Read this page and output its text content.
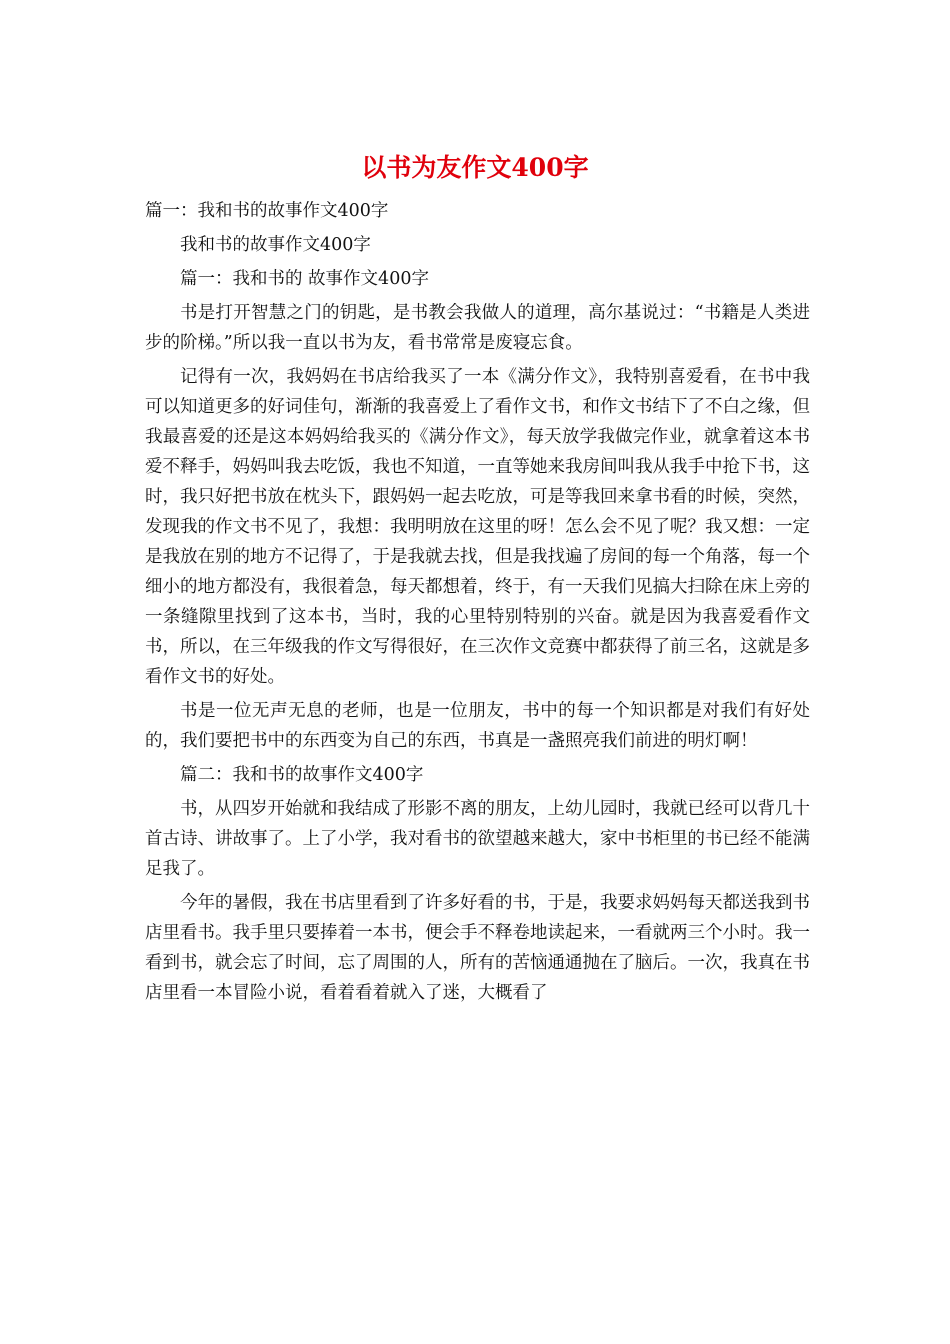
以书为友作文400字

篇一：我和书的故事作文400字

我和书的故事作文400字

篇一：我和书的 故事作文400字

书是打开智慧之门的钥匙，是书教会我做人的道理，高尔基说过：“书籍是人类进步的阶梯。”所以我一直以书为友，看书常常是废寝忘食。

记得有一次，我妈妈在书店给我买了一本《满分作文》，我特别喜爱看，在书中我可以知道更多的好词佳句，渐渐的我喜爱上了看作文书，和作文书结下了不白之缘，但我最喜爱的还是这本妈妈给我买的《满分作文》，每天放学我做完作业，就拿着这本书爱不释手，妈妈叫我去吃饭，我也不知道，一直等她来我房间叫我从我手中抢下书，这时，我只好把书放在枕头下，跟妈妈一起去吃放，可是等我回来拿书看的时候，突然，发现我的作文书不见了，我想：我明明放在这里的呀！怎么会不见了呢？我又想：一定是我放在别的地方不记得了，于是我就去找，但是我找遍了房间的每一个角落，每一个细小的地方都没有，我很着急，每天都想着，终于，有一天我们见搞大扫除在床上旁的一条缝隙里找到了这本书，当时，我的心里特别特别的兴奋。就是因为我喜爱看作文书，所以，在三年级我的作文写得很好，在三次作文竞赛中都获得了前三名，这就是多看作文书的好处。

书是一位无声无息的老师，也是一位朋友，书中的每一个知识都是对我们有好处的，我们要把书中的东西变为自己的东西，书真是一盏照亮我们前进的明灯啊！

篇二：我和书的故事作文400字

书，从四岁开始就和我结成了形影不离的朋友，上幼儿园时，我就已经可以背几十首古诗、讲故事了。上了小学，我对看书的欲望越来越大，家中书柜里的书已经不能满足我了。

今年的暑假，我在书店里看到了许多好看的书，于是，我要求妈妈每天都送我到书店里看书。我手里只要捧着一本书，便会手不释卷地读起来，一看就两三个小时。我一看到书，就会忘了时间，忘了周围的人，所有的苦恼通通抛在了脑后。一次，我真在书店里看一本冒险小说，看着看着就入了迷，大概看了
